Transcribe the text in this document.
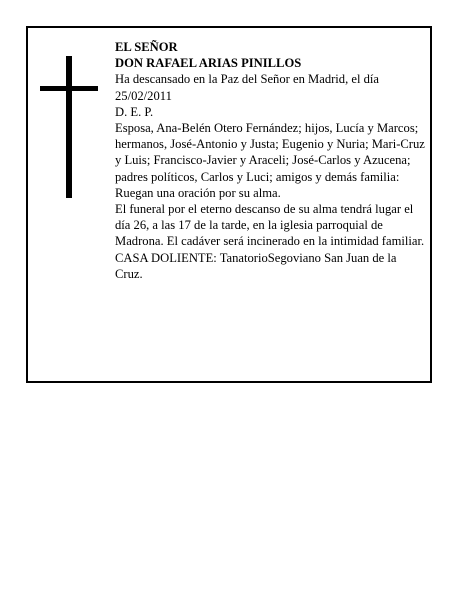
EL SEÑOR

DON RAFAEL ARIAS PINILLOS

Ha descansado en la Paz del Señor en Madrid, el día 25/02/2011

D. E. P.

Esposa, Ana-Belén Otero Fernández; hijos, Lucía y Marcos; hermanos, José-Antonio y Justa; Eugenio y Nuria; Mari-Cruz y Luis; Francisco-Javier y Araceli; José-Carlos y Azucena; padres políticos, Carlos y Luci; amigos y demás familia:

Ruegan una oración por su alma.

El funeral por el eterno descanso de su alma tendrá lugar el día 26, a las 17 de la tarde, en la iglesia parroquial de Madrona. El cadáver será incinerado en la intimidad familiar.

CASA DOLIENTE: TanatorioSegoviano San Juan de la Cruz.
